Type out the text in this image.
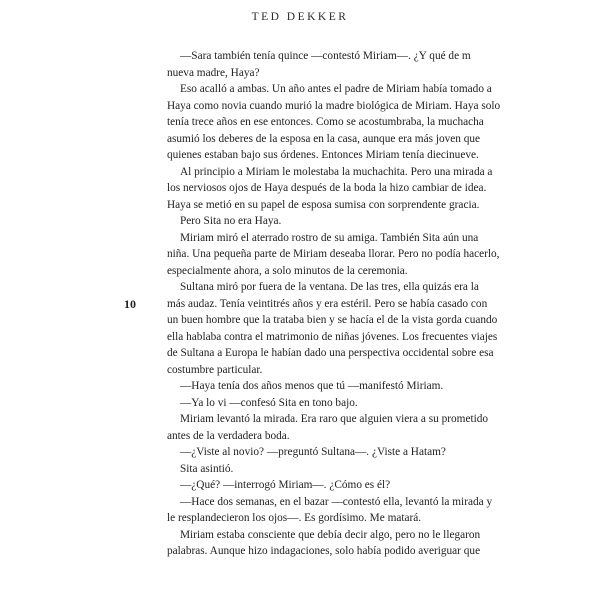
TED DEKKER
10
—Sara también tenía quince —contestó Miriam—. ¿Y qué de m
nueva madre, Haya?
Eso acalló a ambas. Un año antes el padre de Miriam había tomado a
Haya como novia cuando murió la madre biológica de Miriam. Haya solo
tenía trece años en ese entonces. Como se acostumbraba, la muchacha
asumió los deberes de la esposa en la casa, aunque era más joven que
quienes estaban bajo sus órdenes. Entonces Miriam tenía diecinueve.
Al principio a Miriam le molestaba la muchachita. Pero una mirada a
los nerviosos ojos de Haya después de la boda la hizo cambiar de idea.
Haya se metió en su papel de esposa sumisa con sorprendente gracia.
Pero Sita no era Haya.
Miriam miró el aterrado rostro de su amiga. También Sita aún una
niña. Una pequeña parte de Miriam deseaba llorar. Pero no podía hacerlo,
especialmente ahora, a solo minutos de la ceremonia.
Sultana miró por fuera de la ventana. De las tres, ella quizás era la
más audaz. Tenía veintitrés años y era estéril. Pero se había casado con
un buen hombre que la trataba bien y se hacía el de la vista gorda cuando
ella hablaba contra el matrimonio de niñas jóvenes. Los frecuentes viajes
de Sultana a Europa le habían dado una perspectiva occidental sobre esa
costumbre particular.
—Haya tenía dos años menos que tú —manifestó Miriam.
—Ya lo vi —confesó Sita en tono bajo.
Miriam levantó la mirada. Era raro que alguien viera a su prometido
antes de la verdadera boda.
—¿Viste al novio? —preguntó Sultana—. ¿Viste a Hatam?
Sita asintió.
—¿Qué? —interrogó Miriam—. ¿Cómo es él?
—Hace dos semanas, en el bazar —contestó ella, levantó la mirada y
le resplandecieron los ojos—. Es gordísimo. Me matará.
Miriam estaba consciente que debía decir algo, pero no le llegaron
palabras. Aunque hizo indagaciones, solo había podido averiguar que
